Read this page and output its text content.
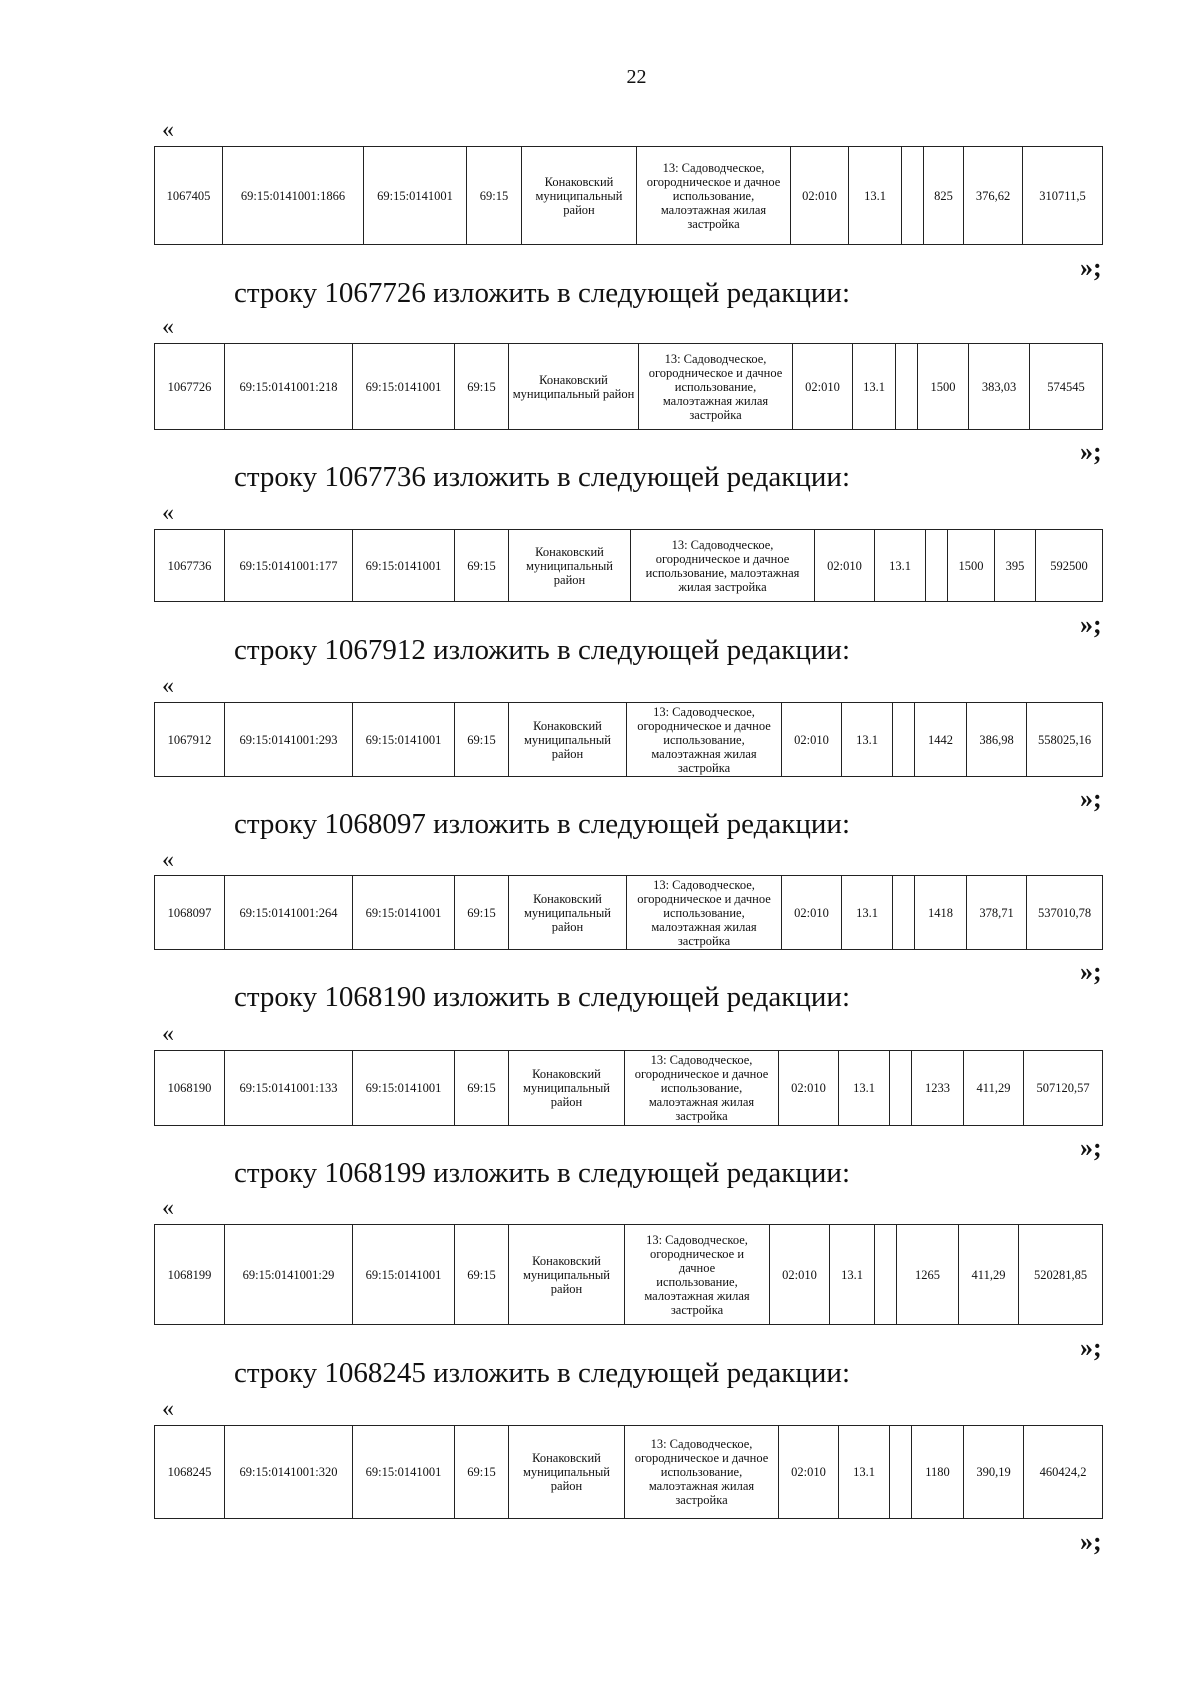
22
«
1067405	69:15:0141001:1866	69:15:0141001	69:15	Конаковский муниципальный район	13: Садоводческое, огородническое и дачное использование, малоэтажная жилая застройка	02:010	13.1		825	376,62	310711,5
»;
строку 1067726 изложить в следующей редакции:
«
1067726	69:15:0141001:218	69:15:0141001	69:15	Конаковский муниципальный район	13: Садоводческое, огородническое и дачное использование, малоэтажная жилая застройка	02:010	13.1		1500	383,03	574545
»;
строку 1067736 изложить в следующей редакции:
«
1067736	69:15:0141001:177	69:15:0141001	69:15	Конаковский муниципальный район	13: Садоводческое, огородническое и дачное использование, малоэтажная жилая застройка	02:010	13.1		1500	395	592500
»;
строку 1067912 изложить в следующей редакции:
«
1067912	69:15:0141001:293	69:15:0141001	69:15	Конаковский муниципальный район	13: Садоводческое, огородническое и дачное использование, малоэтажная жилая застройка	02:010	13.1		1442	386,98	558025,16
»;
строку 1068097 изложить в следующей редакции:
«
1068097	69:15:0141001:264	69:15:0141001	69:15	Конаковский муниципальный район	13: Садоводческое, огородническое и дачное использование, малоэтажная жилая застройка	02:010	13.1		1418	378,71	537010,78
»;
строку 1068190 изложить в следующей редакции:
«
1068190	69:15:0141001:133	69:15:0141001	69:15	Конаковский муниципальный район	13: Садоводческое, огородническое и дачное использование, малоэтажная жилая застройка	02:010	13.1		1233	411,29	507120,57
»;
строку 1068199 изложить в следующей редакции:
«
1068199	69:15:0141001:29	69:15:0141001	69:15	Конаковский муниципальный район	13: Садоводческое, огородническое и дачное использование, малоэтажная жилая застройка	02:010	13.1		1265	411,29	520281,85
»;
строку 1068245 изложить в следующей редакции:
«
1068245	69:15:0141001:320	69:15:0141001	69:15	Конаковский муниципальный район	13: Садоводческое, огородническое и дачное использование, малоэтажная жилая застройка	02:010	13.1		1180	390,19	460424,2
»;
